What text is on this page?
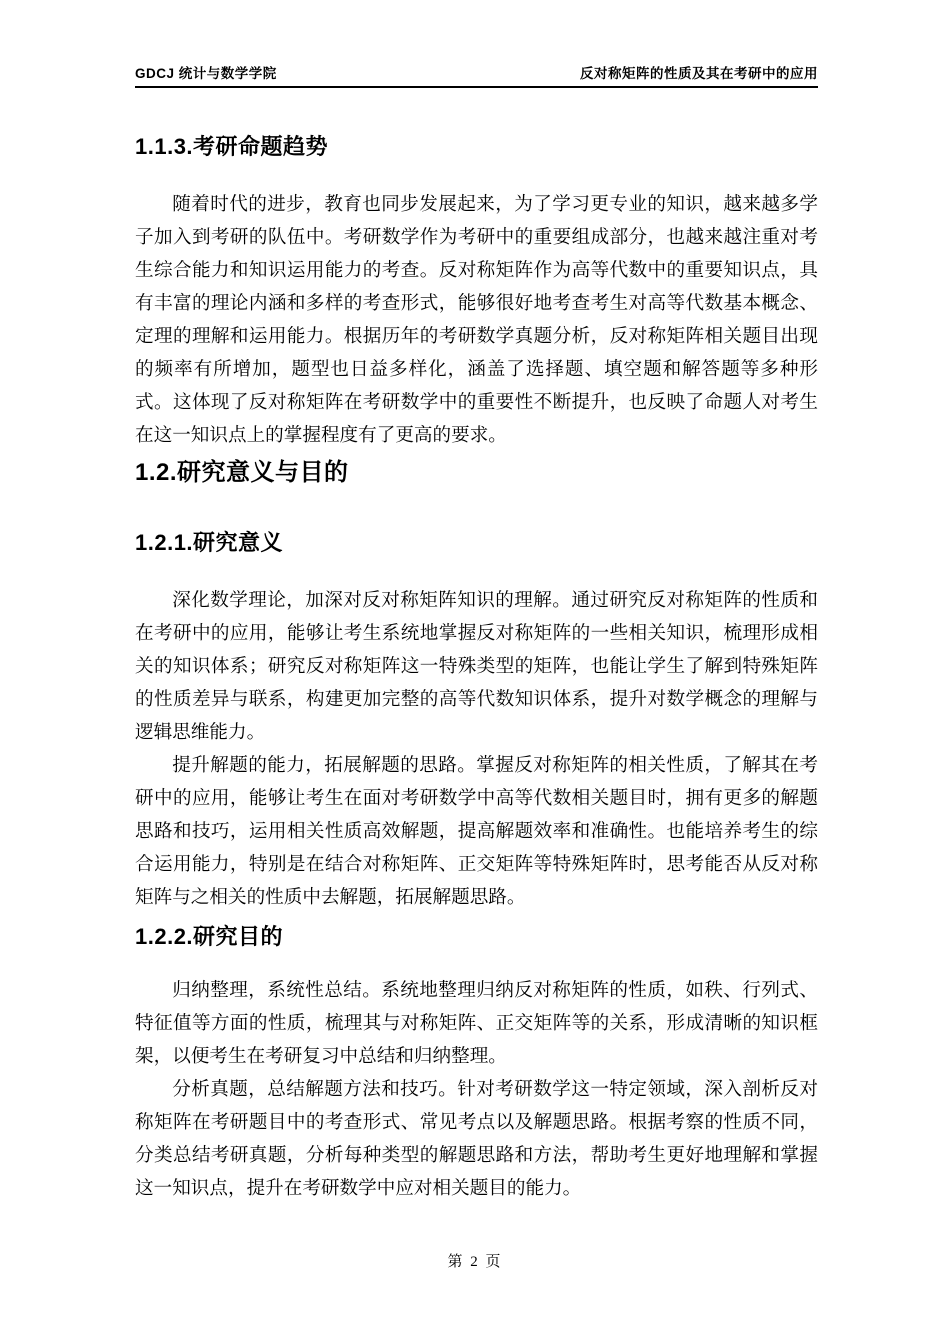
GDCJ 统计与数学学院	反对称矩阵的性质及其在考研中的应用
1.1.3.考研命题趋势

随着时代的进步，教育也同步发展起来，为了学习更专业的知识，越来越多学子加入到考研的队伍中。考研数学作为考研中的重要组成部分，也越来越注重对考生综合能力和知识运用能力的考查。反对称矩阵作为高等代数中的重要知识点，具有丰富的理论内涵和多样的考查形式，能够很好地考查考生对高等代数基本概念、定理的理解和运用能力。根据历年的考研数学真题分析，反对称矩阵相关题目出现的频率有所增加，题型也日益多样化，涵盖了选择题、填空题和解答题等多种形式。这体现了反对称矩阵在考研数学中的重要性不断提升，也反映了命题人对考生在这一知识点上的掌握程度有了更高的要求。

1.2.研究意义与目的
1.2.1.研究意义

深化数学理论，加深对反对称矩阵知识的理解。通过研究反对称矩阵的性质和在考研中的应用，能够让考生系统地掌握反对称矩阵的一些相关知识，梳理形成相关的知识体系；研究反对称矩阵这一特殊类型的矩阵，也能让学生了解到特殊矩阵的性质差异与联系，构建更加完整的高等代数知识体系，提升对数学概念的理解与逻辑思维能力。

提升解题的能力，拓展解题的思路。掌握反对称矩阵的相关性质，了解其在考研中的应用，能够让考生在面对考研数学中高等代数相关题目时，拥有更多的解题思路和技巧，运用相关性质高效解题，提高解题效率和准确性。也能培养考生的综合运用能力，特别是在结合对称矩阵、正交矩阵等特殊矩阵时，思考能否从反对称矩阵与之相关的性质中去解题，拓展解题思路。

1.2.2.研究目的

归纳整理，系统性总结。系统地整理归纳反对称矩阵的性质，如秩、行列式、特征值等方面的性质，梳理其与对称矩阵、正交矩阵等的关系，形成清晰的知识框架，以便考生在考研复习中总结和归纳整理。

分析真题，总结解题方法和技巧。针对考研数学这一特定领域，深入剖析反对称矩阵在考研题目中的考查形式、常见考点以及解题思路。根据考察的性质不同，分类总结考研真题，分析每种类型的解题思路和方法，帮助考生更好地理解和掌握这一知识点，提升在考研数学中应对相关题目的能力。

第 2 页
